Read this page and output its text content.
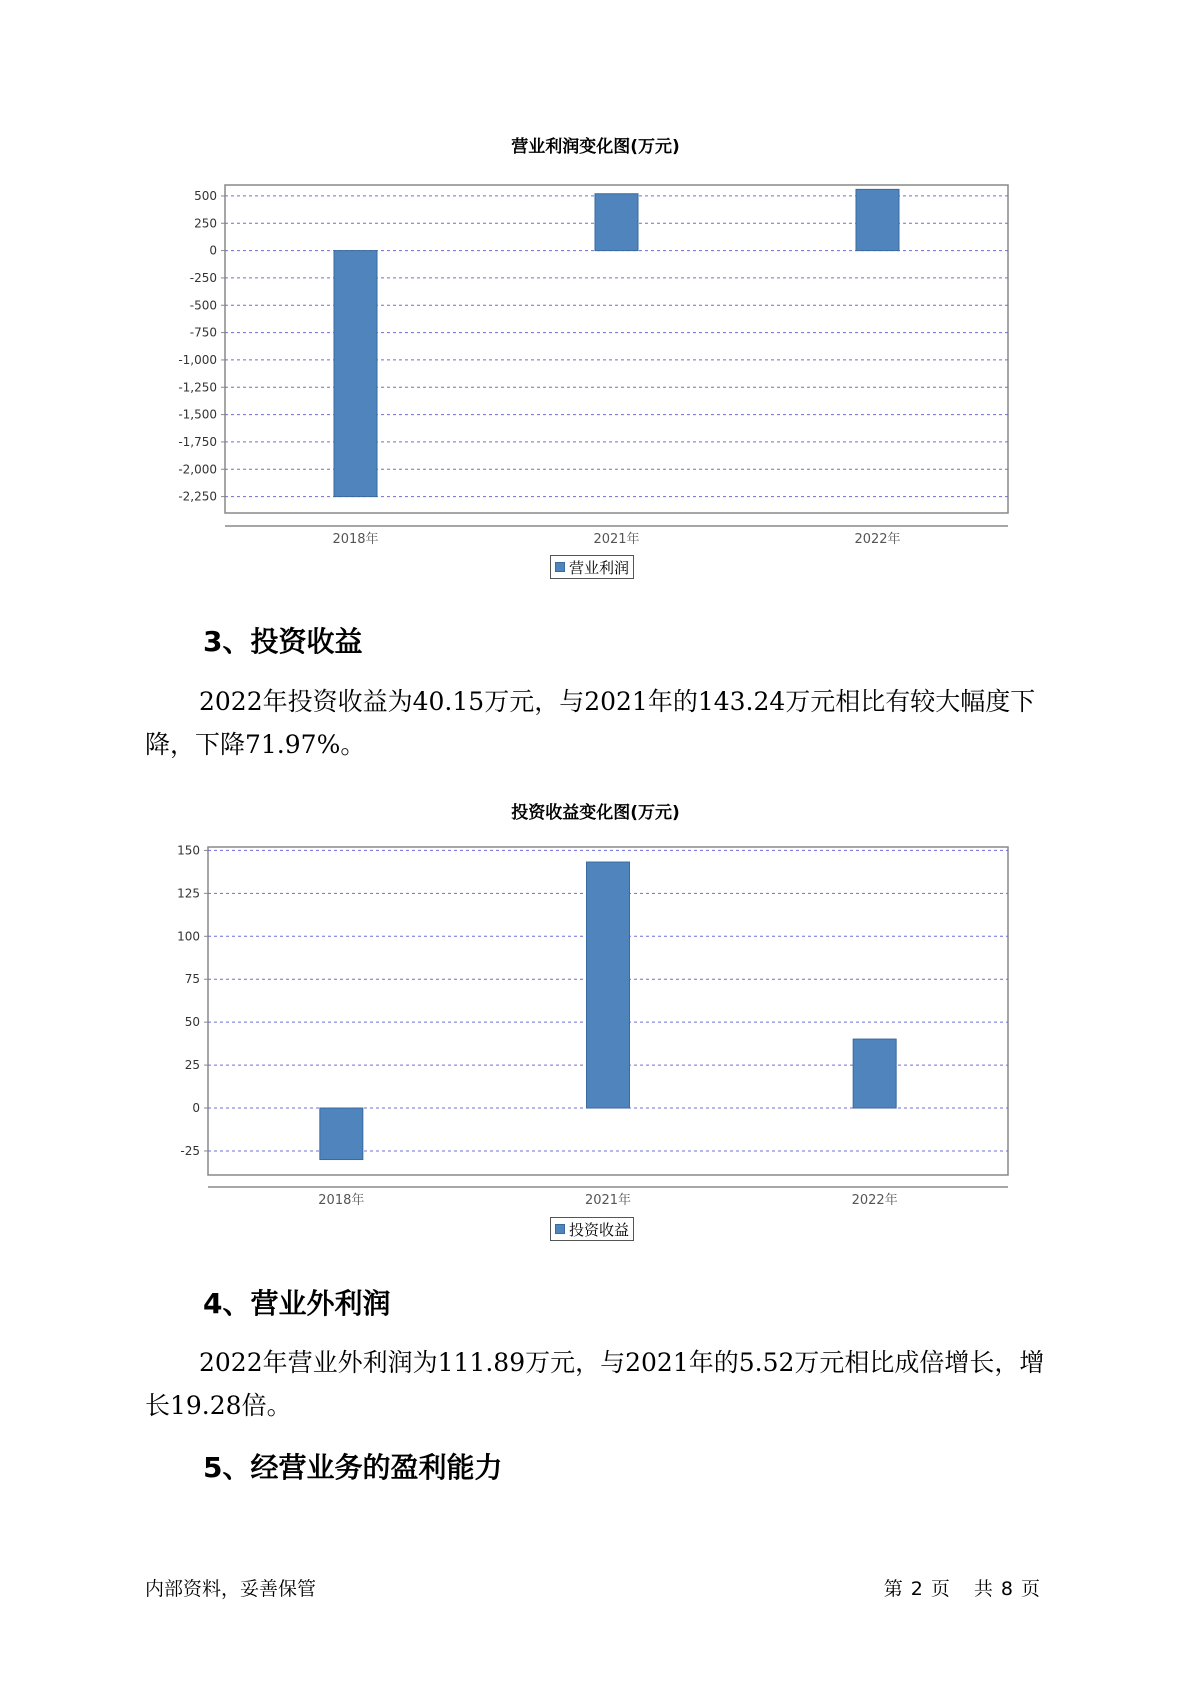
营业利润变化图(万元)
500
250
0
-250
-500
-750
-1,000
-1,250
-1,500
-1,750
-2,000
-2,250
2018年	2021年	2022年
营业利润
3、投资收益

2022年投资收益为40.15万元，与2021年的143.24万元相比有较大幅度下降，下降71.97%。

投资收益变化图(万元)
150
125
100
75
50
25
0
-25
2018年	2021年	2022年
投资收益
4、营业外利润

2022年营业外利润为111.89万元，与2021年的5.52万元相比成倍增长，增长19.28倍。

5、经营业务的盈利能力
内部资料，妥善保管	第 2 页 共 8 页
